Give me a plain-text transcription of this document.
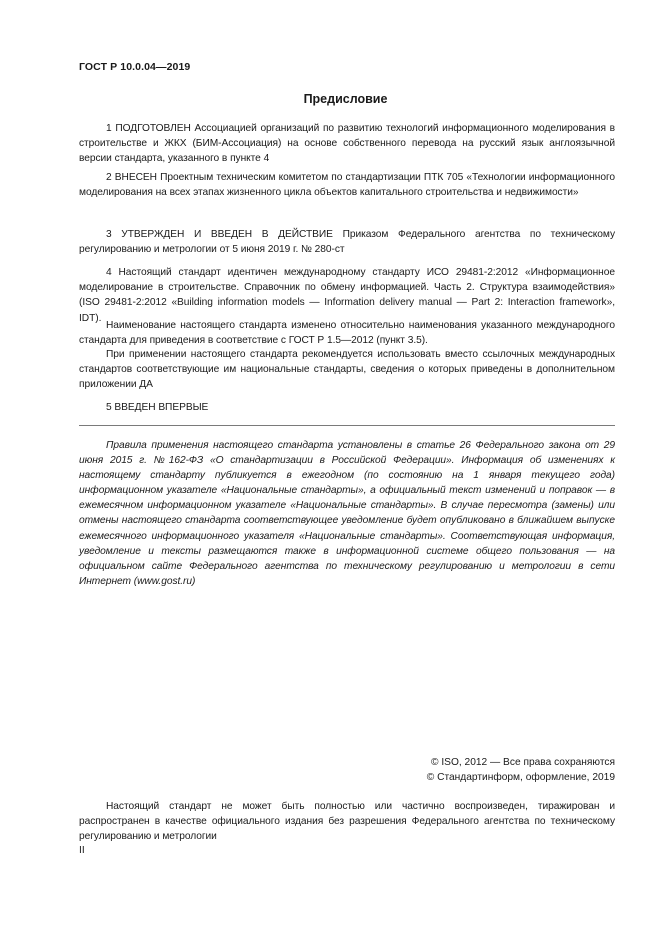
ГОСТ Р 10.0.04—2019
Предисловие

1 ПОДГОТОВЛЕН Ассоциацией организаций по развитию технологий информационного моделирования в строительстве и ЖКХ (БИМ-Ассоциация) на основе собственного перевода на русский язык англоязычной версии стандарта, указанного в пункте 4

2 ВНЕСЕН Проектным техническим комитетом по стандартизации ПТК 705 «Технологии информационного моделирования на всех этапах жизненного цикла объектов капитального строительства и недвижимости»

3 УТВЕРЖДЕН И ВВЕДЕН В ДЕЙСТВИЕ Приказом Федерального агентства по техническому регулированию и метрологии от 5 июня 2019 г. № 280-ст

4 Настоящий стандарт идентичен международному стандарту ИСО 29481-2:2012 «Информационное моделирование в строительстве. Справочник по обмену информацией. Часть 2. Структура взаимодействия» (ISO 29481-2:2012 «Building information models — Information delivery manual — Part 2: Interaction framework», IDT).

Наименование настоящего стандарта изменено относительно наименования указанного международного стандарта для приведения в соответствие с ГОСТ Р 1.5—2012 (пункт 3.5).

При применении настоящего стандарта рекомендуется использовать вместо ссылочных международных стандартов соответствующие им национальные стандарты, сведения о которых приведены в дополнительном приложении ДА

5 ВВЕДЕН ВПЕРВЫЕ

Правила применения настоящего стандарта установлены в статье 26 Федерального закона от 29 июня 2015 г. №162-ФЗ «О стандартизации в Российской Федерации». Информация об изменениях к настоящему стандарту публикуется в ежегодном (по состоянию на 1 января текущего года) информационном указателе «Национальные стандарты», а официальный текст изменений и поправок — в ежемесячном информационном указателе «Национальные стандарты». В случае пересмотра (замены) или отмены настоящего стандарта соответствующее уведомление будет опубликовано в ближайшем выпуске ежемесячного информационного указателя «Национальные стандарты». Соответствующая информация, уведомление и тексты размещаются также в информационной системе общего пользования — на официальном сайте Федерального агентства по техническому регулированию и метрологии в сети Интернет (www.gost.ru)

© ISO, 2012 — Все права сохраняются
© Стандартинформ, оформление, 2019

Настоящий стандарт не может быть полностью или частично воспроизведен, тиражирован и распространен в качестве официального издания без разрешения Федерального агентства по техническому регулированию и метрологии

II
